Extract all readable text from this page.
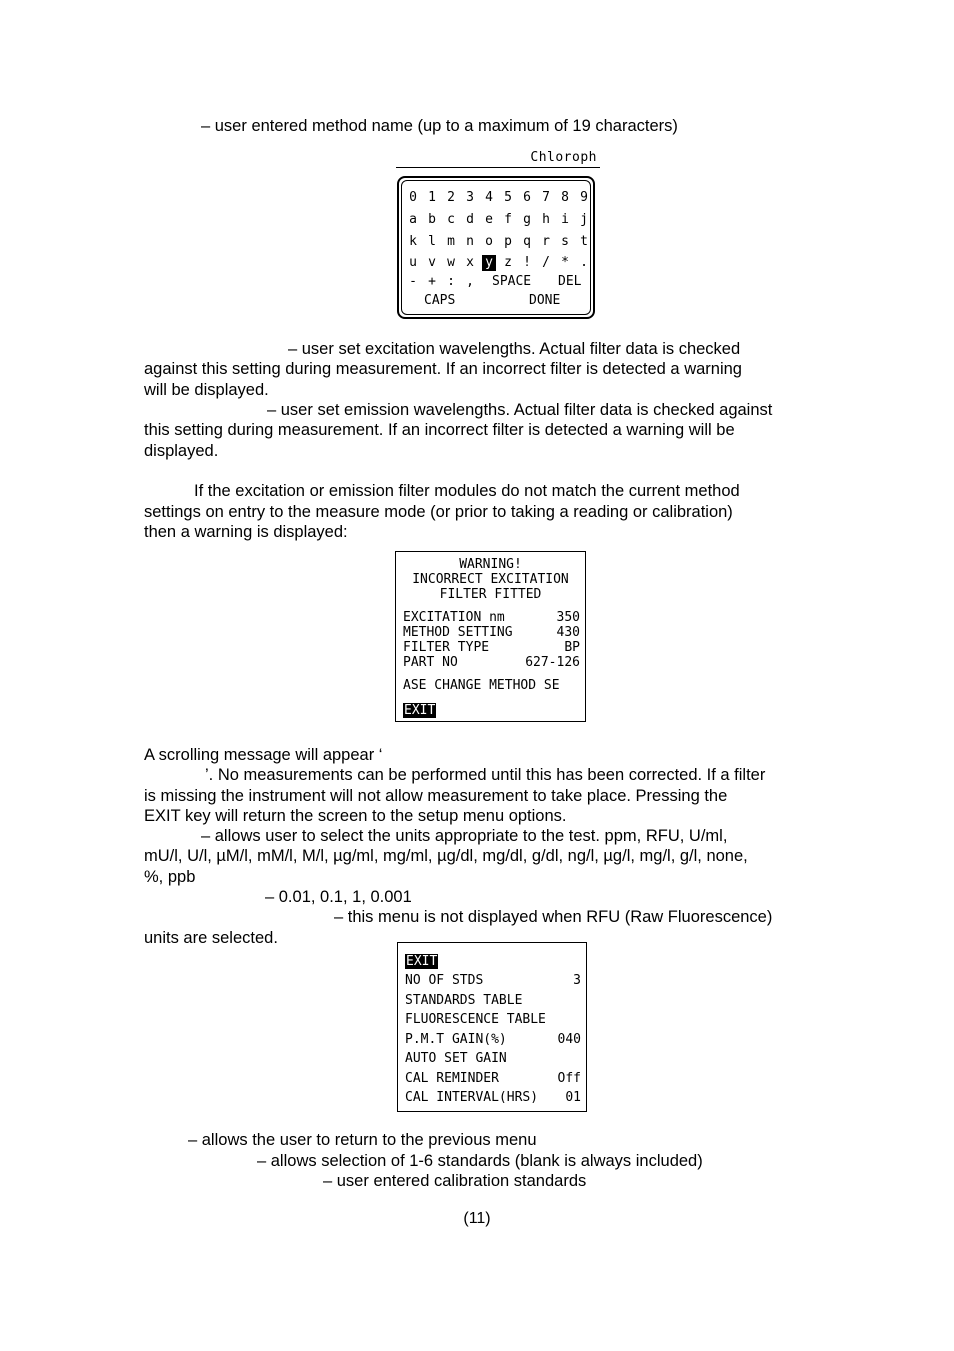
– user entered method name (up to a maximum of 19 characters)
Chloroph
0 1 2 3 4 5 6 7 8 9
a b c d e f g h i j
k l m n o p q r s t
u v w x y z ! / * .
- + : , SPACE DEL
CAPS	DONE
– user set excitation wavelengths. Actual filter data is checked
against this setting during measurement. If an incorrect filter is detected a warning
will be displayed.
– user set emission wavelengths. Actual filter data is checked against
this setting during measurement. If an incorrect filter is detected a warning will be
displayed.
If the excitation or emission filter modules do not match the current method
settings on entry to the measure mode (or prior to taking a reading or calibration)
then a warning is displayed:
WARNING!
INCORRECT EXCITATION
FILTER FITTED
EXCITATION nm	350
METHOD SETTING	430
FILTER TYPE	BP
PART NO	627-126
ASE CHANGE METHOD SE
EXIT
A scrolling message will appear ‘
’. No measurements can be performed until this has been corrected. If a filter
is missing the instrument will not allow measurement to take place. Pressing the
EXIT key will return the screen to the setup menu options.
– allows user to select the units appropriate to the test. ppm, RFU, U/ml,
mU/l, U/l, µM/l, mM/l, M/l, µg/ml, mg/ml, µg/dl, mg/dl, g/dl, ng/l, µg/l, mg/l, g/l, none,
%, ppb
– 0.01, 0.1, 1, 0.001
– this menu is not displayed when RFU (Raw Fluorescence)
units are selected.
EXIT
NO OF STDS	3
STANDARDS TABLE
FLUORESCENCE TABLE
P.M.T GAIN(%)	040
AUTO SET GAIN
CAL REMINDER	Off
CAL INTERVAL(HRS) 01
– allows the user to return to the previous menu
– allows selection of 1-6 standards (blank is always included)
– user entered calibration standards
(11)
